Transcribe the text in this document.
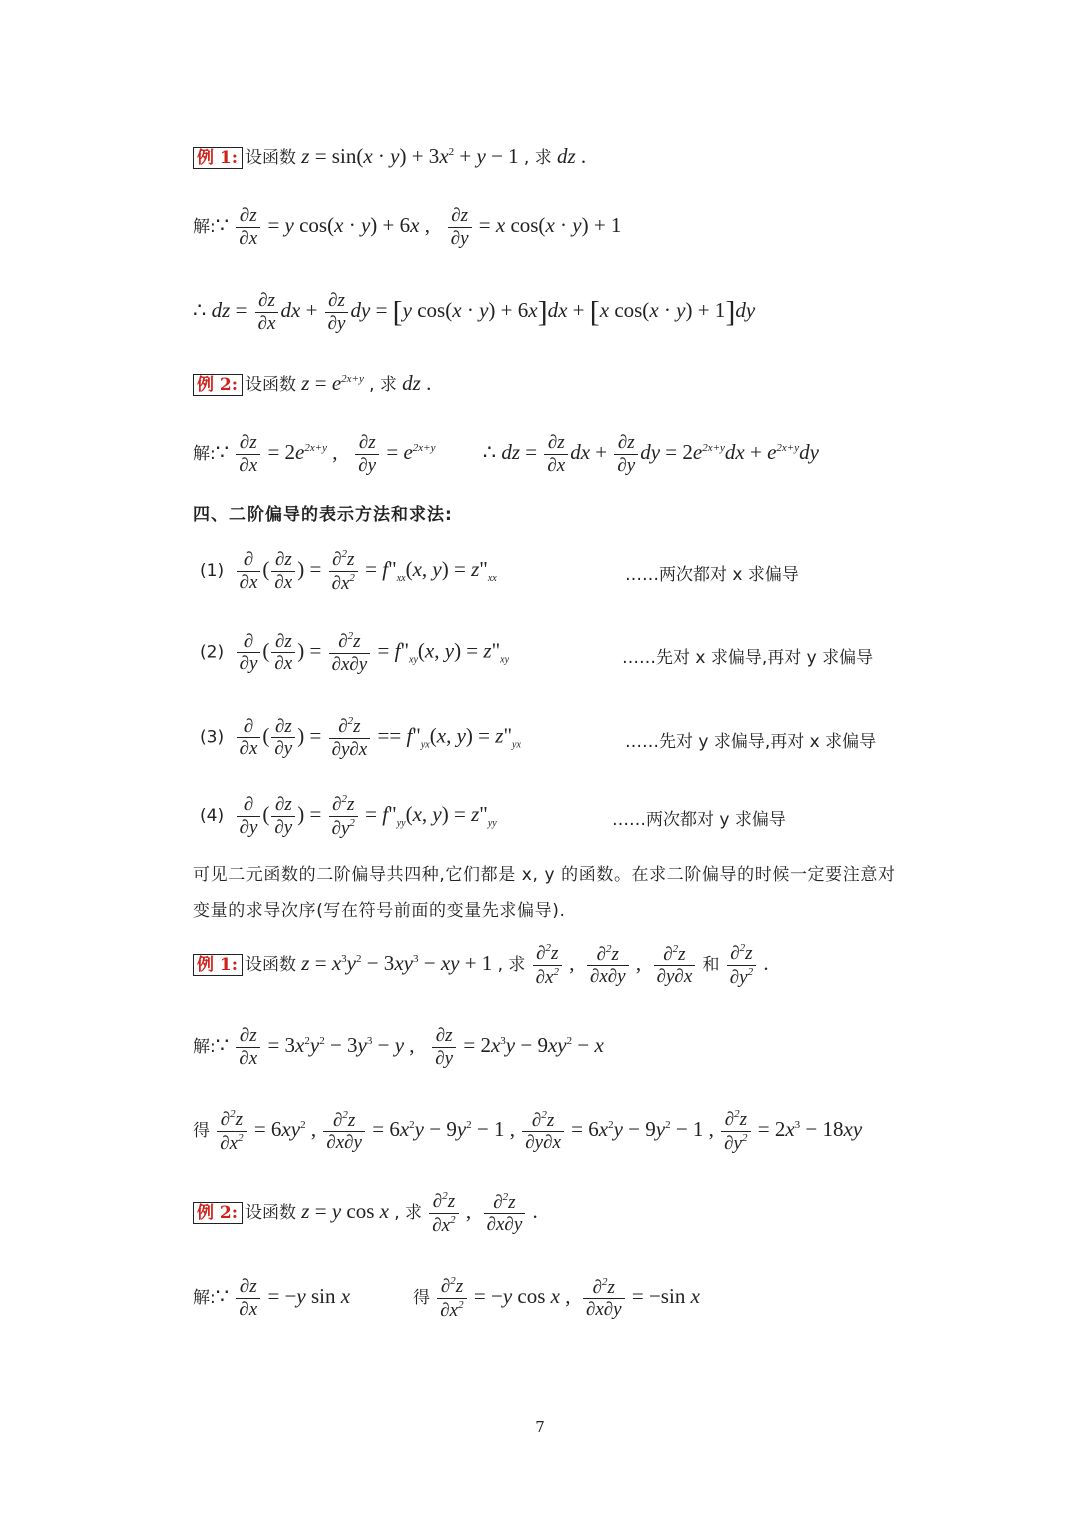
例 1: 设函数 $z = \sin(x \cdot y) + 3x^2 + y - 1$ , 求 dz .
解:∵ $\frac{\partial z}{\partial x} = y$ cos(x · y) + 6x , $\frac{\partial z}{\partial y} = x$ cos(x · y) + 1
∴ dz = $\frac{\partial z}{\partial x}$ dx + $\frac{\partial z}{\partial y}$ dy = [y cos(x · y) + 6x]dx + [x cos(x · y) + 1]dy
例 2: 设函数 $z = e^{2x+y}$ , 求 dz .
解:∵ $\frac{\partial z}{\partial x} = 2e^{2x+y}$ , $\frac{\partial z}{\partial y} = e^{2x+y}$         ∴ dz = $\frac{\partial z}{\partial x}$ dx + $\frac{\partial z}{\partial y}$ dy = $2e^{2x+y}dx + e^{2x+y}dy$
四、二阶偏导的表示方法和求法:
$(1) \frac{\partial}{\partial x}$ ( $\frac{\partial z}{\partial x}$ ) = $\frac{\partial^2z}{\partial x^2}$ = $f"_{xx}(x$, $y) = z"_{xx}$	……两次都对 x 求偏导
$(2) \frac{\partial}{\partial y}$ ( $\frac{\partial z}{\partial x}$ ) = $\frac{\partial^2z}{\partial x\partial y}$ = $f"_{xy}(x$, $y) = z"_{xy}$	……先对 x 求偏导,再对 y 求偏导
$(3) \frac{\partial}{\partial x}$ ( $\frac{\partial z}{\partial y}$ ) = $\frac{\partial^2z}{\partial y\partial x}$ == $f"_{yx}(x$, $y) = z"_{yx}$	……先对 y 求偏导,再对 x 求偏导
$(4) \frac{\partial}{\partial y}$ ( $\frac{\partial z}{\partial y}$ ) = $\frac{\partial^2z}{\partial y^2}$ = $f"_{yy}(x$, $y) = z"_{yy}$	……两次都对 y 求偏导
可见二元函数的二阶偏导共四种,它们都是 x, y 的函数。在求二阶偏导的时候一定要注意对
变量的求导次序(写在符号前面的变量先求偏导).
例 1: 设函数 $z = x^3y^2 - 3xy^3$ − xy + 1 , 求 $\frac{\partial^2z}{\partial x^2}$ , $\frac{\partial^2z}{\partial x\partial y}$ , $\frac{\partial^2z}{\partial y\partial x}$ 和 $\frac{\partial^2z}{\partial y^2}$ .
解:∵ $\frac{\partial z}{\partial x} = 3x^2y^2 - 3y^3 - y$ , $\frac{\partial z}{\partial y} = 2x^3y - 9xy^2 - x$
得 $\frac{\partial^2z}{\partial x^2} = 6xy^2$ , $\frac{\partial^2z}{\partial x\partial y} = 6x^2y - 9y^2 - 1$ , $\frac{\partial^2z}{\partial y\partial x} = 6x^2y - 9y^2 - 1$ , $\frac{\partial^2z}{\partial y^2} = 2x^3 - 18xy$
例 2: 设函数 z = y cos x , 求 $\frac{\partial^2z}{\partial x^2}$ , $\frac{\partial^2z}{\partial x\partial y}$ .
解:∵ $\frac{\partial z}{\partial x} = -y$ sin x	得 $\frac{\partial^2z}{\partial x^2} = -y$ cos x , $\frac{\partial^2z}{\partial x\partial y} = -\sin$ x
7
